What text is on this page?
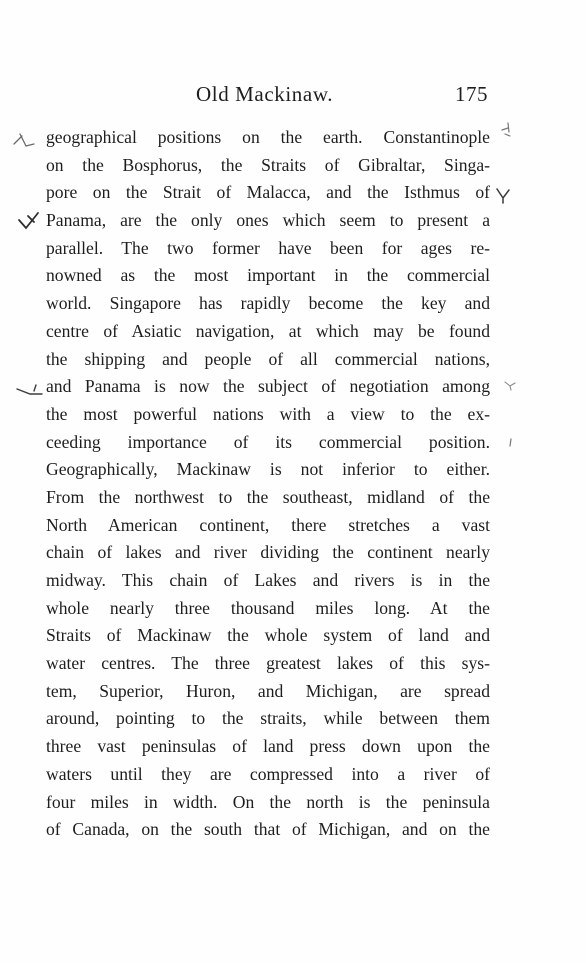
Old Mackinaw.	175
geographical positions on the earth. Constantinople
on the Bosphorus, the Straits of Gibraltar, Singa-
pore on the Strait of Malacca, and the Isthmus of
Panama, are the only ones which seem to present a
parallel. The two former have been for ages re-
nowned as the most important in the commercial
world. Singapore has rapidly become the key and
centre of Asiatic navigation, at which may be found
the shipping and people of all commercial nations,
and Panama is now the subject of negotiation among
the most powerful nations with a view to the ex-
ceeding importance of its commercial position.
Geographically, Mackinaw is not inferior to either.
From the northwest to the southeast, midland of the
North American continent, there stretches a vast
chain of lakes and river dividing the continent nearly
midway. This chain of Lakes and rivers is in the
whole nearly three thousand miles long. At the
Straits of Mackinaw the whole system of land and
water centres. The three greatest lakes of this sys-
tem, Superior, Huron, and Michigan, are spread
around, pointing to the straits, while between them
three vast peninsulas of land press down upon the
waters until they are compressed into a river of
four miles in width. On the north is the peninsula
of Canada, on the south that of Michigan, and on the
